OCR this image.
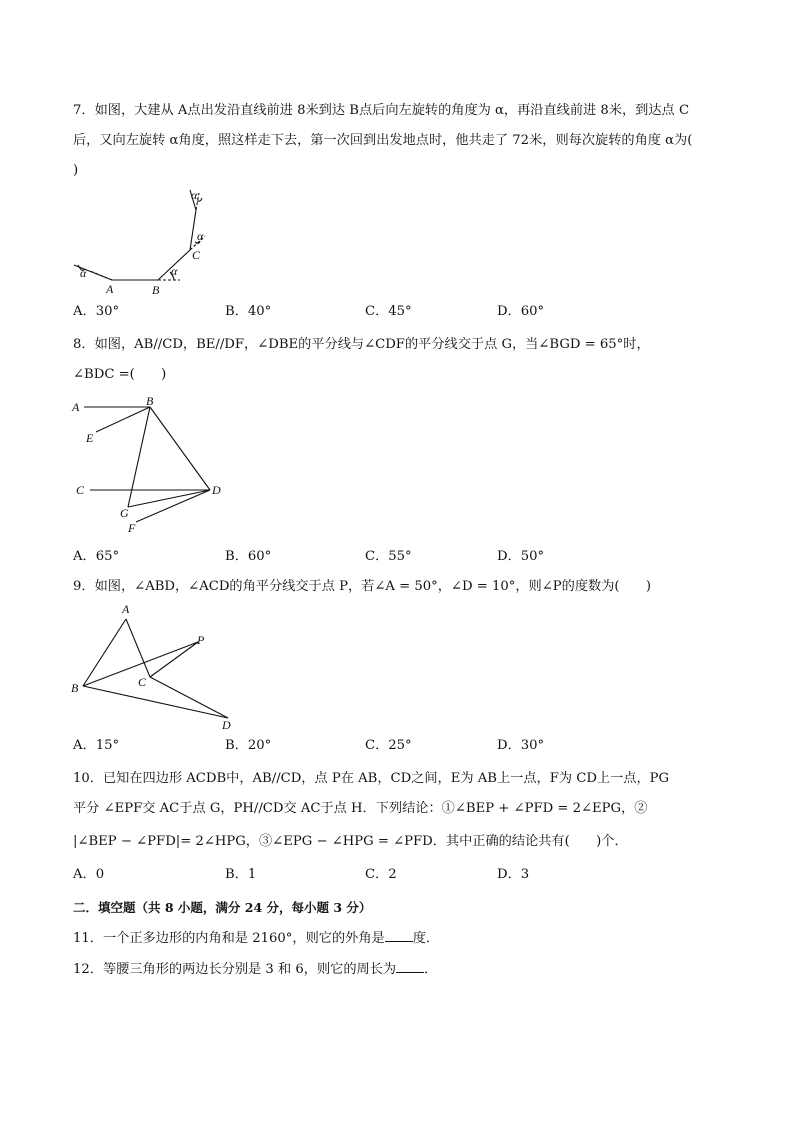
7．如图，大建从 A点出发沿直线前进 8米到达 B点后向左旋转的角度为 α，再沿直线前进 8米，到达点 C
后，又向左旋转 α角度，照这样走下去，第一次回到出发地点时，他共走了 72米，则每次旋转的角度 α为(
)
α	α
α
α
A	B
C
A．30°	B．40°	C．45°	D．60°
8．如图，AB//CD，BE//DF，∠DBE的平分线与∠CDF的平分线交于点 G，当∠BGD = 65°时，
∠BDC =(　　)
A	B
E
C	D
G
F
A．65°	B．60°	C．55°	D．50°
9．如图，∠ABD，∠ACD的角平分线交于点 P，若∠A = 50°，∠D = 10°，则∠P的度数为(　　)
A
P
B	C
D
A．15°	B．20°	C．25°	D．30°
10．已知在四边形 ACDB中，AB//CD，点 P在 AB，CD之间，E为 AB上一点，F为 CD上一点，PG
平分 ∠EPF交 AC于点 G，PH//CD交 AC于点 H．下列结论：①∠BEP + ∠PFD = 2∠EPG，②
|∠BEP − ∠PFD|= 2∠HPG，③∠EPG − ∠HPG = ∠PFD．其中正确的结论共有(　　)个．
A．0	B．1	C．2	D．3
二．填空题（共 8 小题，满分 24 分，每小题 3 分）
11．一个正多边形的内角和是 2160°，则它的外角是 度．
12．等腰三角形的两边长分别是 3 和 6，则它的周长为 ．
